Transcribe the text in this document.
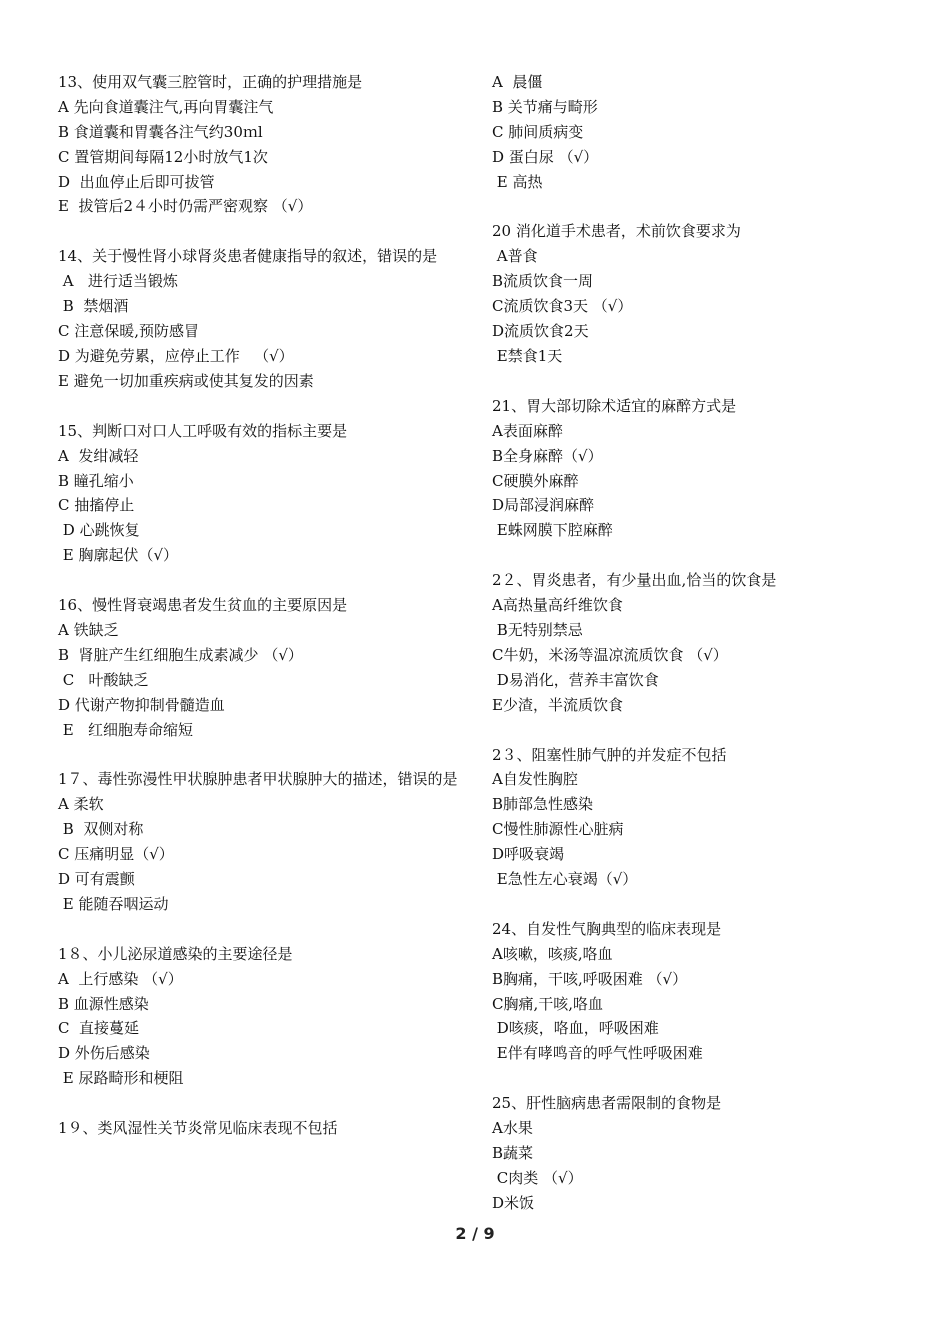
13、使用双气囊三腔管时，正确的护理措施是
A 先向食道囊注气,再向胃囊注气
B 食道囊和胃囊各注气约30ｍl
C 置管期间每隔12小时放气1次
D  出血停止后即可拔管
E  拔管后2４小时仍需严密观察 （√）
14、关于慢性肾小球肾炎患者健康指导的叙述，错误的是
A   进行适当锻炼
B  禁烟酒
C 注意保暖,预防感冒
D 为避免劳累，应停止工作   （√）
E 避免一切加重疾病或使其复发的因素
15、判断口对口人工呼吸有效的指标主要是
A  发绀减轻
B 瞳孔缩小
C 抽搐停止
D 心跳恢复
E 胸廓起伏（√）
16、慢性肾衰竭患者发生贫血的主要原因是
A 铁缺乏
B  肾脏产生红细胞生成素减少 （√）
C   叶酸缺乏
D 代谢产物抑制骨髓造血
E   红细胞寿命缩短
1７、毒性弥漫性甲状腺肿患者甲状腺肿大的描述，错误的是
A 柔软
B  双侧对称
C 压痛明显（√）
D 可有震颤
E 能随吞咽运动
1８、小儿泌尿道感染的主要途径是
A  上行感染 （√）
B 血源性感染
C  直接蔓延
D 外伤后感染
E 尿路畸形和梗阻
1９、类风湿性关节炎常见临床表现不包括
A  晨僵
B 关节痛与畸形
C 肺间质病变
D 蛋白尿 （√）
E 高热
20 消化道手术患者，术前饮食要求为
A普食
B流质饮食一周
C流质饮食3天 （√）
D流质饮食2天
E禁食1天
21、胃大部切除术适宜的麻醉方式是
A表面麻醉
B全身麻醉（√）
C硬膜外麻醉
D局部浸润麻醉
E蛛网膜下腔麻醉
2２、胃炎患者，有少量出血,恰当的饮食是
A高热量高纤维饮食
B无特别禁忌
C牛奶，米汤等温凉流质饮食 （√）
D易消化，营养丰富饮食
E少渣，半流质饮食
2３、阻塞性肺气肿的并发症不包括
A自发性胸腔
B肺部急性感染
C慢性肺源性心脏病
D呼吸衰竭
E急性左心衰竭（√）
24、自发性气胸典型的临床表现是
A咳嗽，咳痰,咯血
B胸痛，干咳,呼吸困难 （√）
C胸痛,干咳,咯血
D咳痰，咯血，呼吸困难
E伴有哮鸣音的呼气性呼吸困难
25、肝性脑病患者需限制的食物是
A水果
B蔬菜
C肉类 （√）
D米饭
2 / 9
